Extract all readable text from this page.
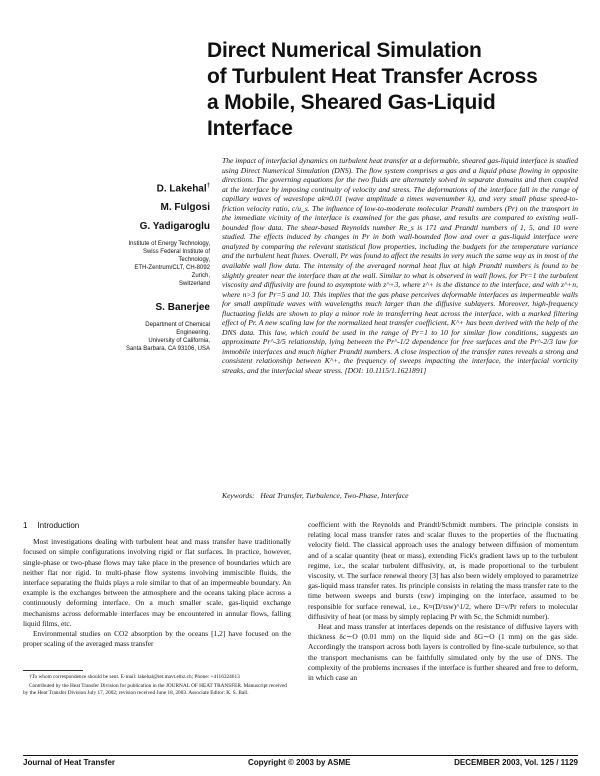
Direct Numerical Simulation
of Turbulent Heat Transfer Across
a Mobile, Sheared Gas-Liquid
Interface
D. Lakehal†
M. Fulgosi
G. Yadigaroglu
Institute of Energy Technology,
Swiss Federal Institute of Technology,
ETH-Zentrum/CLT, CH-8092 Zurich,
Switzerland
S. Banerjee
Department of Chemical Engineering,
University of California,
Santa Barbara, CA 93106, USA

The impact of interfacial dynamics on turbulent heat transfer at a deformable, sheared gas-liquid interface is studied using Direct Numerical Simulation (DNS). The flow system comprises a gas and a liquid phase flowing in opposite directions. The governing equations for the two fluids are alternately solved in separate domains and then coupled at the interface by imposing continuity of velocity and stress. The deformations of the interface fall in the range of capillary waves of waveslope ak≈0.01 (wave amplitude a times wavenumber k), and very small phase speed-to-friction velocity ratio, c/u_s. The influence of low-to-moderate molecular Prandtl numbers (Pr) on the transport in the immediate vicinity of the interface is examined for the gas phase, and results are compared to existing wall-bounded flow data. The shear-based Reynolds number Re_s is 171 and Prandtl numbers of 1, 5, and 10 were studied. The effects induced by changes in Pr in both wall-bounded flow and over a gas-liquid interface were analyzed by comparing the relevant statistical flow properties, including the budgets for the temperature variance and the turbulent heat fluxes. Overall, Pr was found to affect the results in very much the same way as in most of the available wall flow data. The intensity of the averaged normal heat flux at high Prandtl numbers is found to be slightly greater near the interface than at the wall. Similar to what is observed in wall flows, for Pr=1 the turbulent viscosity and diffusivity are found to asymptote with z^+3, where z^+ is the distance to the interface, and with z^+n, where n>3 for Pr=5 and 10. This implies that the gas phase perceives deformable interfaces as impermeable walls for small amplitude waves with wavelengths much larger than the diffusive sublayers. Moreover, high-frequency fluctuating fields are shown to play a minor role in transferring heat across the interface, with a marked filtering effect of Pr. A new scaling law for the normalized heat transfer coefficient, K^+ has been derived with the help of the DNS data. This law, which could be used in the range of Pr=1 to 10 for similar flow conditions, suggests an approximate Pr^-3/5 relationship, lying between the Pr^-1/2 dependence for free surfaces and the Pr^-2/3 law for immobile interfaces and much higher Prandtl numbers. A close inspection of the transfer rates reveals a strong and consistent relationship between K^+, the frequency of sweeps impacting the interface, the interfacial vorticity streaks, and the interfacial shear stress. [DOI: 10.1115/1.1621891]

Keywords: Heat Transfer, Turbulence, Two-Phase, Interface

1 Introduction

Most investigations dealing with turbulent heat and mass transfer have traditionally focused on simple configurations involving rigid or flat surfaces. In practice, however, single-phase or two-phase flows may take place in the presence of boundaries which are neither flat nor rigid. In multi-phase flow systems involving immiscible fluids, the interface separating the fluids plays a role similar to that of an impermeable boundary. An example is the exchanges between the atmosphere and the oceans taking place across a continuously deforming interface. On a much smaller scale, gas-liquid exchange mechanisms across deformable interfaces may be encountered in annular flows, falling liquid films, etc.

Environmental studies on CO2 absorption by the oceans [1,2] have focused on the proper scaling of the averaged mass transfer

†To whom correspondence should be sent. E-mail: lakehal@iet.mavt.ethz.ch; Phone: +4116324613

Contributed by the Heat Transfer Division for publication in the JOURNAL OF HEAT TRANSFER. Manuscript received by the Heat Transfer Division July 17, 2002; revision received June 18, 2003. Associate Editor: K. S. Ball.

coefficient with the Reynolds and Prandtl/Schmidt numbers. The principle consists in relating local mass transfer rates and scalar fluxes to the properties of the fluctuating velocity field. The classical approach uses the analogy between diffusion of momentum and of a scalar quantity (heat or mass), extending Fick's gradient laws up to the turbulent regime, i.e., the scalar turbulent diffusivity, αt, is made proportional to the turbulent viscosity, νt. The surface renewal theory [3] has also been widely employed to parametrize gas-liquid mass transfer rates. Its principle consists in relating the mass transfer rate to the time between sweeps and bursts (τsw) impinging on the interface, assumed to be responsible for surface renewal, i.e., K≈(D/τsw)^1/2, where D=ν/Pr refers to molecular diffusivity of heat (or mass by simply replacing Pr with Sc, the Schmidt number).

Heat and mass transfer at interfaces depends on the resistance of diffusive layers with thickness δc∼O (0.01 mm) on the liquid side and δG∼O (1 mm) on the gas side. Accordingly the transport across both layers is controlled by fine-scale turbulence, so that the transport mechanisms can be faithfully simulated only by the use of DNS. The complexity of the problems increases if the interface is further sheared and free to deform, in which case an

Journal of Heat Transfer	Copyright © 2003 by ASME	DECEMBER 2003, Vol. 125 / 1129
